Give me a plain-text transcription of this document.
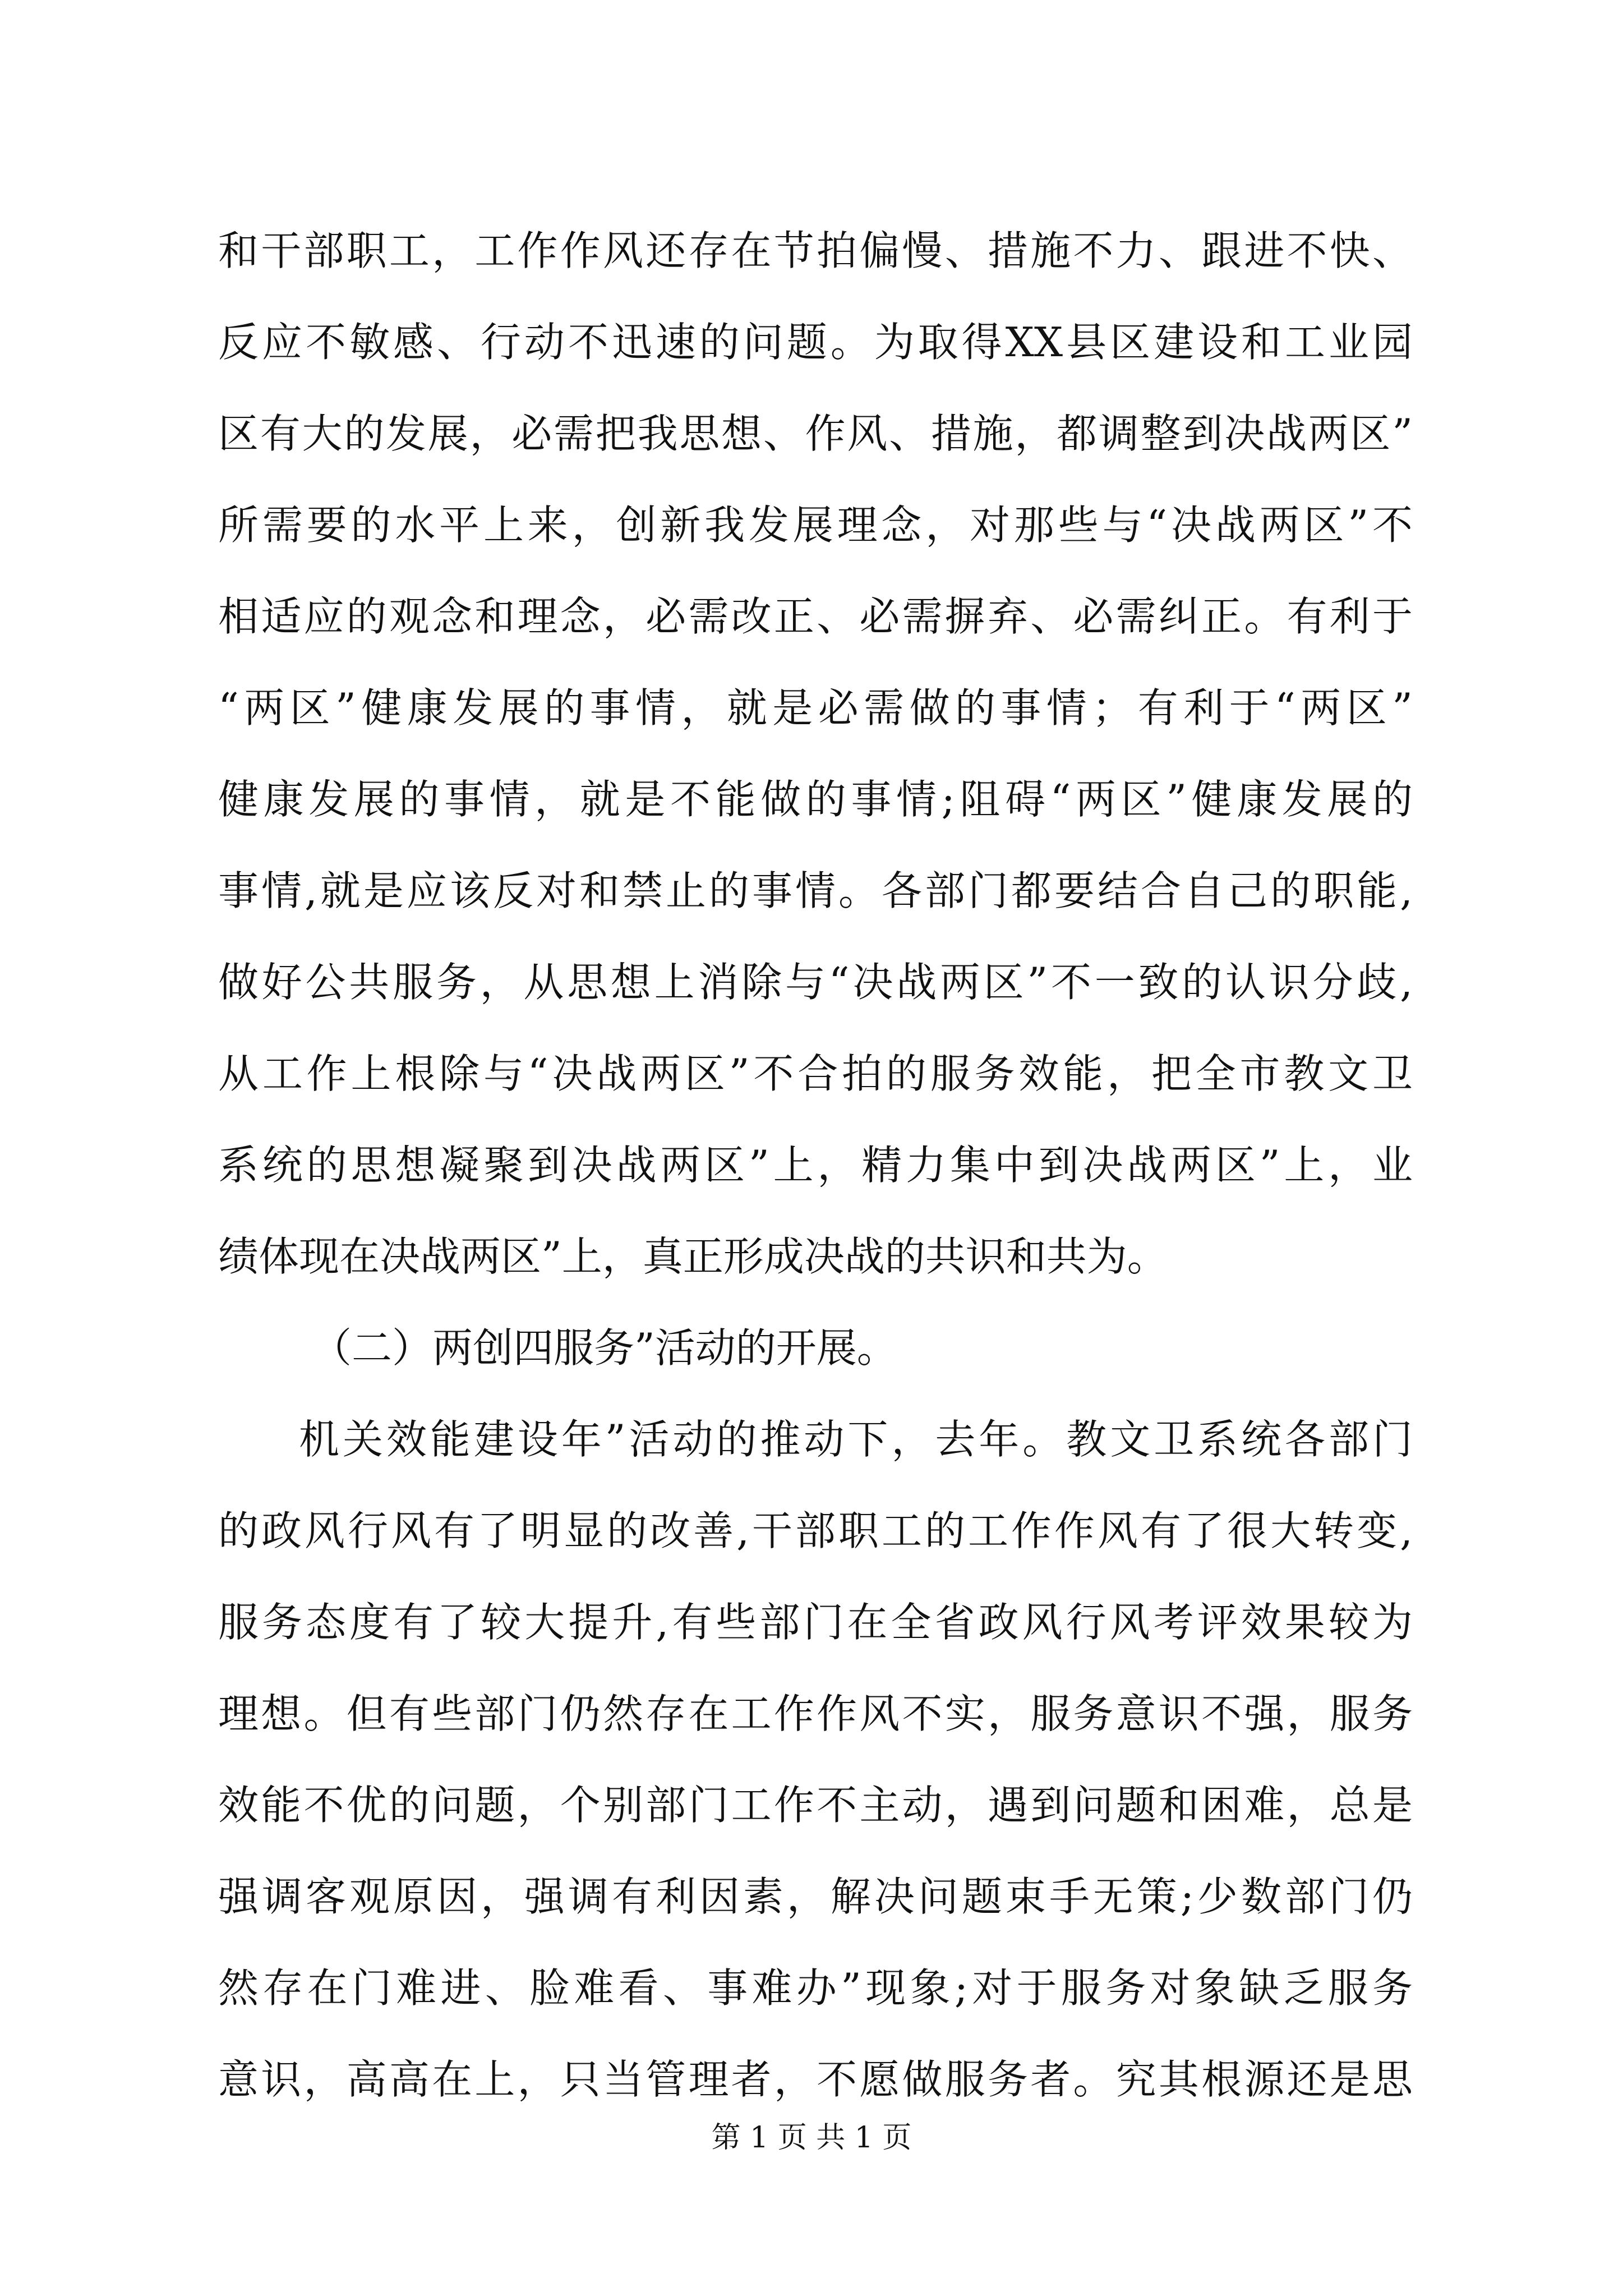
和干部职工，工作作风还存在节拍偏慢、措施不力、跟进不快、
反应不敏感、行动不迅速的问题。为取得XX县区建设和工业园
区有大的发展，必需把我思想、作风、措施，都调整到决战两区”
所需要的水平上来，创新我发展理念，对那些与“决战两区”不
相适应的观念和理念，必需改正、必需摒弃、必需纠正。有利于
“两区”健康发展的事情，就是必需做的事情；有利于“两区”
健康发展的事情，就是不能做的事情;阻碍“两区”健康发展的
事情,就是应该反对和禁止的事情。各部门都要结合自己的职能,
做好公共服务，从思想上消除与“决战两区”不一致的认识分歧,
从工作上根除与“决战两区”不合拍的服务效能，把全市教文卫
系统的思想凝聚到决战两区”上，精力集中到决战两区”上，业
绩体现在决战两区”上，真正形成决战的共识和共为。
（二）两创四服务”活动的开展。
机关效能建设年”活动的推动下，去年。教文卫系统各部门
的政风行风有了明显的改善,干部职工的工作作风有了很大转变,
服务态度有了较大提升,有些部门在全省政风行风考评效果较为
理想。但有些部门仍然存在工作作风不实，服务意识不强，服务
效能不优的问题，个别部门工作不主动，遇到问题和困难，总是
强调客观原因，强调有利因素，解决问题束手无策;少数部门仍
然存在门难进、脸难看、事难办”现象;对于服务对象缺乏服务
意识，高高在上，只当管理者，不愿做服务者。究其根源还是思
第 1 页 共 1 页
